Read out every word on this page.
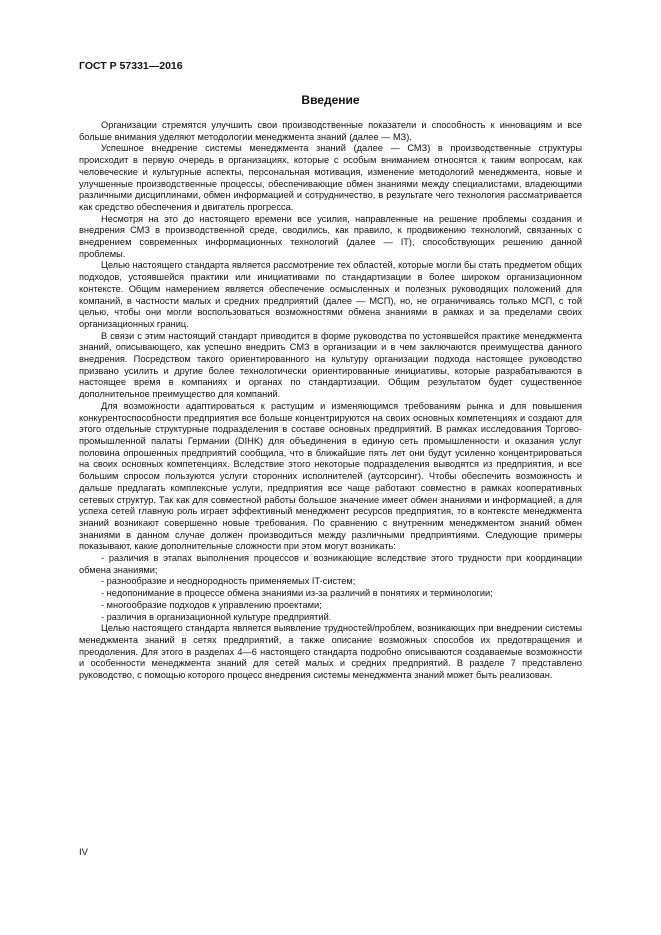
ГОСТ Р 57331—2016
Введение

Организации стремятся улучшить свои производственные показатели и способность к инновациям и все больше внимания уделяют методологии менеджмента знаний (далее — МЗ).

Успешное внедрение системы менеджмента знаний (далее — СМЗ) в производственные структуры происходит в первую очередь в организациях, которые с особым вниманием относятся к таким вопросам, как человеческие и культурные аспекты, персональная мотивация, изменение методологий менеджмента, новые и улучшенные производственные процессы, обеспечивающие обмен знаниями между специалистами, владеющими различными дисциплинами, обмен информацией и сотрудничество, в результате чего технология рассматривается как средство обеспечения и двигатель прогресса.

Несмотря на это до настоящего времени все усилия, направленные на решение проблемы создания и внедрения СМЗ в производственной среде, сводились, как правило, к продвижению технологий, связанных с внедрением современных информационных технологий (далее — IT), способствующих решению данной проблемы.

Целью настоящего стандарта является рассмотрение тех областей, которые могли бы стать предметом общих подходов, устоявшейся практики или инициативами по стандартизации в более широком организационном контексте. Общим намерением является обеспечение осмысленных и полезных руководящих положений для компаний, в частности малых и средних предприятий (далее — МСП), но, не ограничиваясь только МСП, с той целью, чтобы они могли воспользоваться возможностями обмена знаниями в рамках и за пределами своих организационных границ.

В связи с этим настоящий стандарт приводится в форме руководства по устоявшейся практике менеджмента знаний, описывающего, как успешно внедрить СМЗ в организации и в чем заключаются преимущества данного внедрения. Посредством такого ориентированного на культуру организации подхода настоящее руководство призвано усилить и другие более технологически ориентированные инициативы, которые разрабатываются в настоящее время в компаниях и органах по стандартизации. Общим результатом будет существенное дополнительное преимущество для компаний.

Для возможности адаптироваться к растущим и изменяющимся требованиям рынка и для повышения конкурентоспособности предприятия все больше концентрируются на своих основных компетенциях и создают для этого отдельные структурные подразделения в составе основных предприятий. В рамках исследования Торгово-промышленной палаты Германии (DIHK) для объединения в единую сеть промышленности и оказания услуг половина опрошенных предприятий сообщила, что в ближайшие пять лет они будут усиленно концентрироваться на своих основных компетенциях. Вследствие этого некоторые подразделения выводятся из предприятия, и все большим спросом пользуются услуги сторонних исполнителей (аутсорсинг). Чтобы обеспечить возможность и дальше предлагать комплексные услуги, предприятия все чаще работают совместно в рамках кооперативных сетевых структур. Так как для совместной работы большое значение имеет обмен знаниями и информацией, а для успеха сетей главную роль играет эффективный менеджмент ресурсов предприятия, то в контексте менеджмента знаний возникают совершенно новые требования. По сравнению с внутренним менеджментом знаний обмен знаниями в данном случае должен производиться между различными предприятиями. Следующие примеры показывают, какие дополнительные сложности при этом могут возникать:

- различия в этапах выполнения процессов и возникающие вследствие этого трудности при координации обмена знаниями;

- разнообразие и неоднородность применяемых IT-систем;

- недопонимание в процессе обмена знаниями из-за различий в понятиях и терминологии;

- многообразие подходов к управлению проектами;

- различия в организационной культуре предприятий.

Целью настоящего стандарта является выявление трудностей/проблем, возникающих при внедрении системы менеджмента знаний в сетях предприятий, а также описание возможных способов их предотвращения и преодоления. Для этого в разделах 4—6 настоящего стандарта подробно описываются создаваемые возможности и особенности менеджмента знаний для сетей малых и средних предприятий. В разделе 7 представлено руководство, с помощью которого процесс внедрения системы менеджмента знаний может быть реализован.

IV
